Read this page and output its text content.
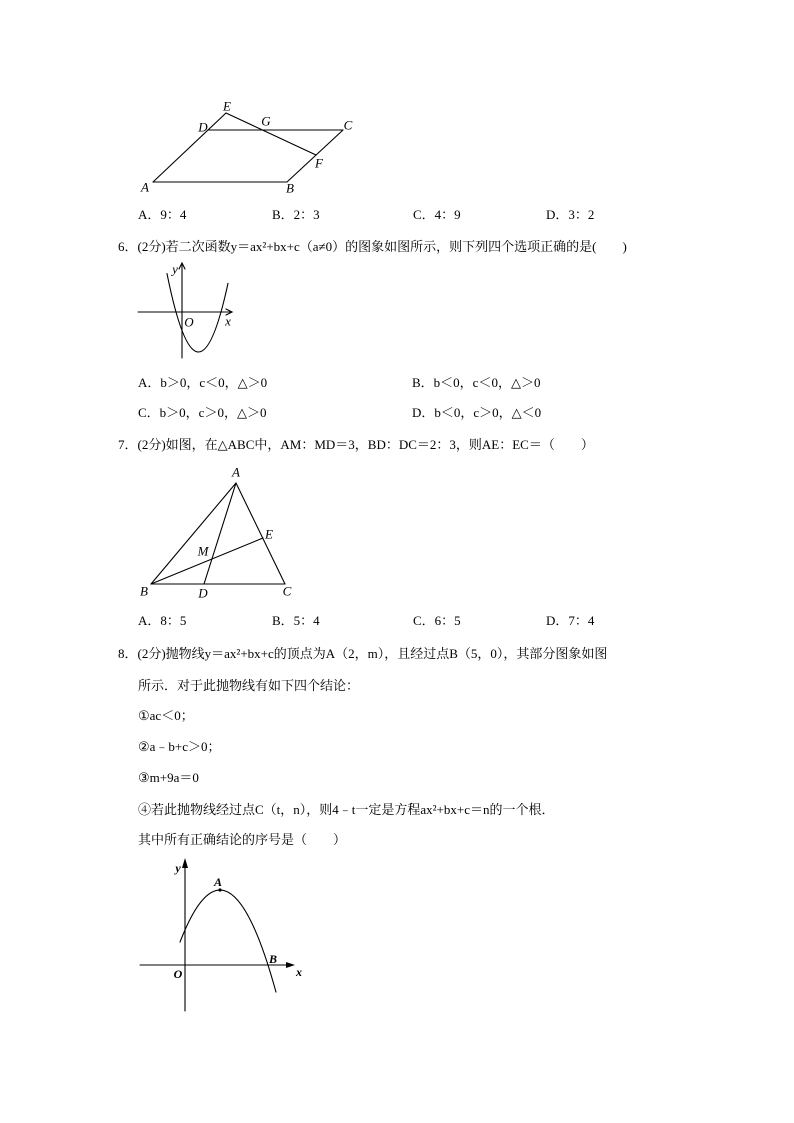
E
D	G	C
F
A	B
A．9：4	B．2：3	C．4：9	D．3：2
6．(2分)若二次函数y＝ax²+bx+c（a≠0）的图象如图所示，则下列四个选项正确的是(　　)
y
O x
A．b＞0，c＜0，△＞0	B．b＜0，c＜0，△＞0
C．b＞0，c＞0，△＞0	D．b＜0，c＞0，△＜0
7．(2分)如图，在△ABC中，AM：MD＝3，BD：DC＝2：3，则AE：EC＝（　　）
A
E
M
B	D	C
A．8：5	B．5：4	C．6：5	D．7：4
8．(2分)抛物线y＝ax²+bx+c的顶点为A（2，m），且经过点B（5，0），其部分图象如图
所示．对于此抛物线有如下四个结论：
①ac＜0；
②a﹣b+c＞0；
③m+9a＝0
④若此抛物线经过点C（t，n），则4﹣t一定是方程ax²+bx+c＝n的一个根．
其中所有正确结论的序号是（　　）
y
A
O
B
x
